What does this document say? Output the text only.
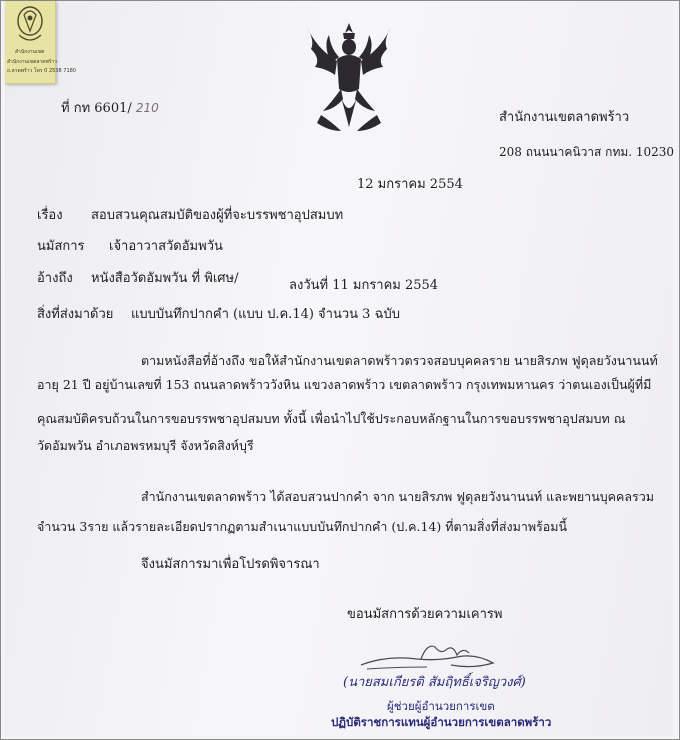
สำนักงานเขต
สำนักงานเขตลาดพร้าว
ถ.ลาดพร้าว โทร 0 2538 7180
ที่ กท 6601/ 210
สำนักงานเขตลาดพร้าว
208 ถนนนาคนิวาส กทม. 10230
12 มกราคม 2554
เรื่อง สอบสวนคุณสมบัติของผู้ที่จะบรรพชาอุปสมบท
นมัสการ เจ้าอาวาสวัดอัมพวัน
อ้างถึง หนังสือวัดอัมพวัน ที่ พิเศษ/	ลงวันที่ 11 มกราคม 2554
สิ่งที่ส่งมาด้วย แบบบันทึกปากคำ (แบบ ป.ค.14) จำนวน 3 ฉบับ
ตามหนังสือที่อ้างถึง ขอให้สำนักงานเขตลาดพร้าวตรวจสอบบุคคลราย นายสิรภพ ฟูดุลยวังนานนท์
อายุ 21 ปี อยู่บ้านเลขที่ 153 ถนนลาดพร้าววังหิน แขวงลาดพร้าว เขตลาดพร้าว กรุงเทพมหานคร ว่าตนเองเป็นผู้ที่มี
คุณสมบัติครบถ้วนในการขอบรรพชาอุปสมบท ทั้งนี้ เพื่อนำไปใช้ประกอบหลักฐานในการขอบรรพชาอุปสมบท ณ
วัดอัมพวัน อำเภอพรหมบุรี จังหวัดสิงห์บุรี
สำนักงานเขตลาดพร้าว ได้สอบสวนปากคำ จาก นายสิรภพ ฟูดุลยวังนานนท์ และพยานบุคคลรวม
จำนวน 3ราย แล้วรายละเอียดปรากฏตามสำเนาแบบบันทึกปากคำ (ป.ค.14) ที่ตามสิ่งที่ส่งมาพร้อมนี้
จึงนมัสการมาเพื่อโปรดพิจารณา
ขอนมัสการด้วยความเคารพ
(นายสมเกียรติ สัมฤิทธิ์เจริญวงศ์)
ผู้ช่วยผู้อำนวยการเขต
ปฏิบัติราชการแทนผู้อำนวยการเขตลาดพร้าว
